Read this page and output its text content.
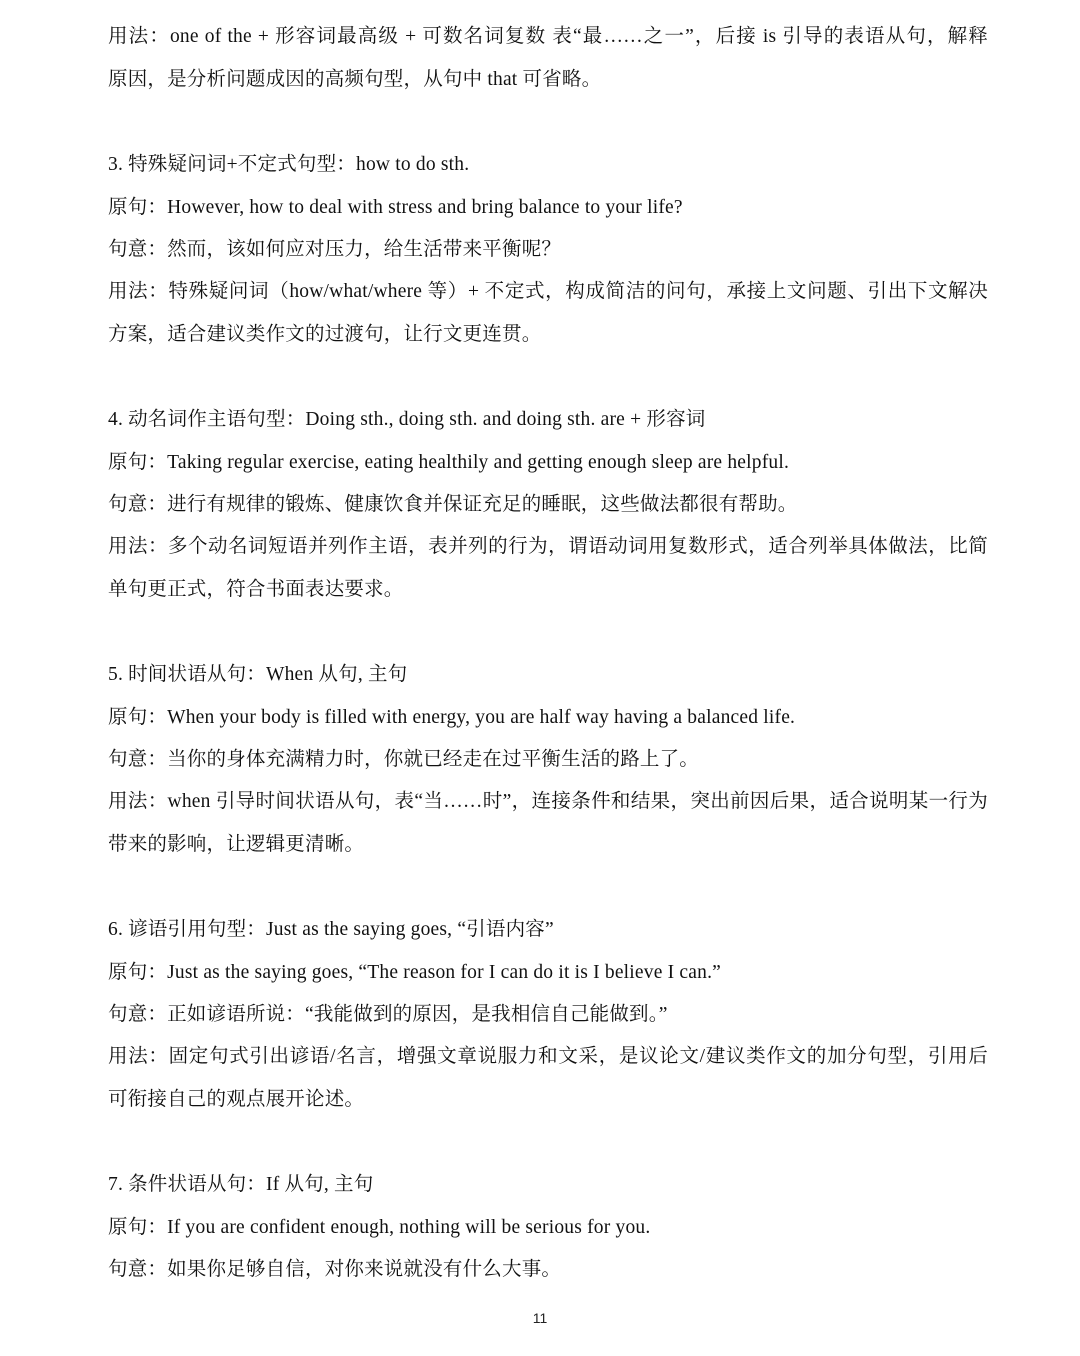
用法：one of the + 形容词最高级 + 可数名词复数 表“最……之一”，后接 is 引导的表语从句，解释
原因，是分析问题成因的高频句型，从句中 that 可省略。
3. 特殊疑问词+不定式句型：how to do sth.
原句：However, how to deal with stress and bring balance to your life?
句意：然而，该如何应对压力，给生活带来平衡呢？
用法：特殊疑问词（how/what/where 等）+ 不定式，构成简洁的问句，承接上文问题、引出下文解决
方案，适合建议类作文的过渡句，让行文更连贯。
4. 动名词作主语句型：Doing sth., doing sth. and doing sth. are + 形容词
原句：Taking regular exercise, eating healthily and getting enough sleep are helpful.
句意：进行有规律的锻炼、健康饮食并保证充足的睡眠，这些做法都很有帮助。
用法：多个动名词短语并列作主语，表并列的行为，谓语动词用复数形式，适合列举具体做法，比简
单句更正式，符合书面表达要求。
5. 时间状语从句：When 从句, 主句
原句：When your body is filled with energy, you are half way having a balanced life.
句意：当你的身体充满精力时，你就已经走在过平衡生活的路上了。
用法：when 引导时间状语从句，表“当……时”，连接条件和结果，突出前因后果，适合说明某一行为
带来的影响，让逻辑更清晰。
6. 谚语引用句型：Just as the saying goes, “引语内容”
原句：Just as the saying goes, “The reason for I can do it is I believe I can.”
句意：正如谚语所说：“我能做到的原因，是我相信自己能做到。”
用法：固定句式引出谚语/名言，增强文章说服力和文采，是议论文/建议类作文的加分句型，引用后
可衔接自己的观点展开论述。
7. 条件状语从句：If 从句, 主句
原句：If you are confident enough, nothing will be serious for you.
句意：如果你足够自信，对你来说就没有什么大事。
11
